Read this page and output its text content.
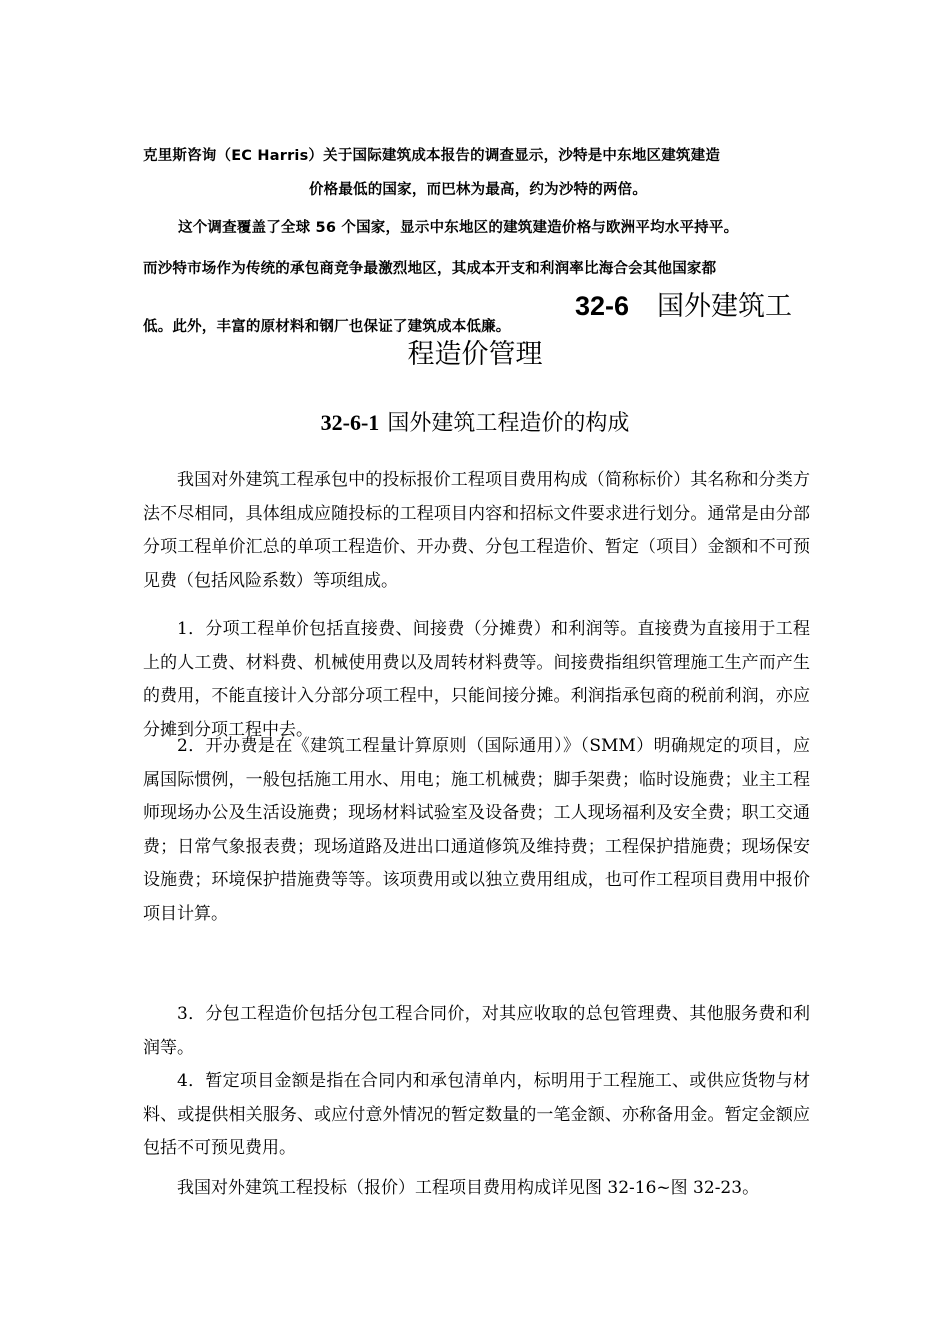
克里斯咨询（EC Harris）关于国际建筑成本报告的调查显示，沙特是中东地区建筑建造
价格最低的国家，而巴林为最高，约为沙特的两倍。
这个调查覆盖了全球 56 个国家，显示中东地区的建筑建造价格与欧洲平均水平持平。
而沙特市场作为传统的承包商竞争最激烈地区，其成本开支和利润率比海合会其他国家都
低。此外，丰富的原材料和钢厂也保证了建筑成本低廉。
32-6 国外建筑工
程造价管理
32-6-1 国外建筑工程造价的构成

我国对外建筑工程承包中的投标报价工程项目费用构成（简称标价）其名称和分类方法不尽相同，具体组成应随投标的工程项目内容和招标文件要求进行划分。通常是由分部分项工程单价汇总的单项工程造价、开办费、分包工程造价、暂定（项目）金额和不可预见费（包括风险系数）等项组成。

1．分项工程单价包括直接费、间接费（分摊费）和利润等。直接费为直接用于工程上的人工费、材料费、机械使用费以及周转材料费等。间接费指组织管理施工生产而产生的费用，不能直接计入分部分项工程中，只能间接分摊。利润指承包商的税前利润，亦应分摊到分项工程中去。

2．开办费是在《建筑工程量计算原则（国际通用）》（SMM）明确规定的项目，应属国际惯例，一般包括施工用水、用电；施工机械费；脚手架费；临时设施费；业主工程师现场办公及生活设施费；现场材料试验室及设备费；工人现场福利及安全费；职工交通费；日常气象报表费；现场道路及进出口通道修筑及维持费；工程保护措施费；现场保安设施费；环境保护措施费等等。该项费用或以独立费用组成，也可作工程项目费用中报价项目计算。

3．分包工程造价包括分包工程合同价，对其应收取的总包管理费、其他服务费和利润等。

4．暂定项目金额是指在合同内和承包清单内，标明用于工程施工、或供应货物与材料、或提供相关服务、或应付意外情况的暂定数量的一笔金额、亦称备用金。暂定金额应包括不可预见费用。

我国对外建筑工程投标（报价）工程项目费用构成详见图 32-16~图 32-23。
